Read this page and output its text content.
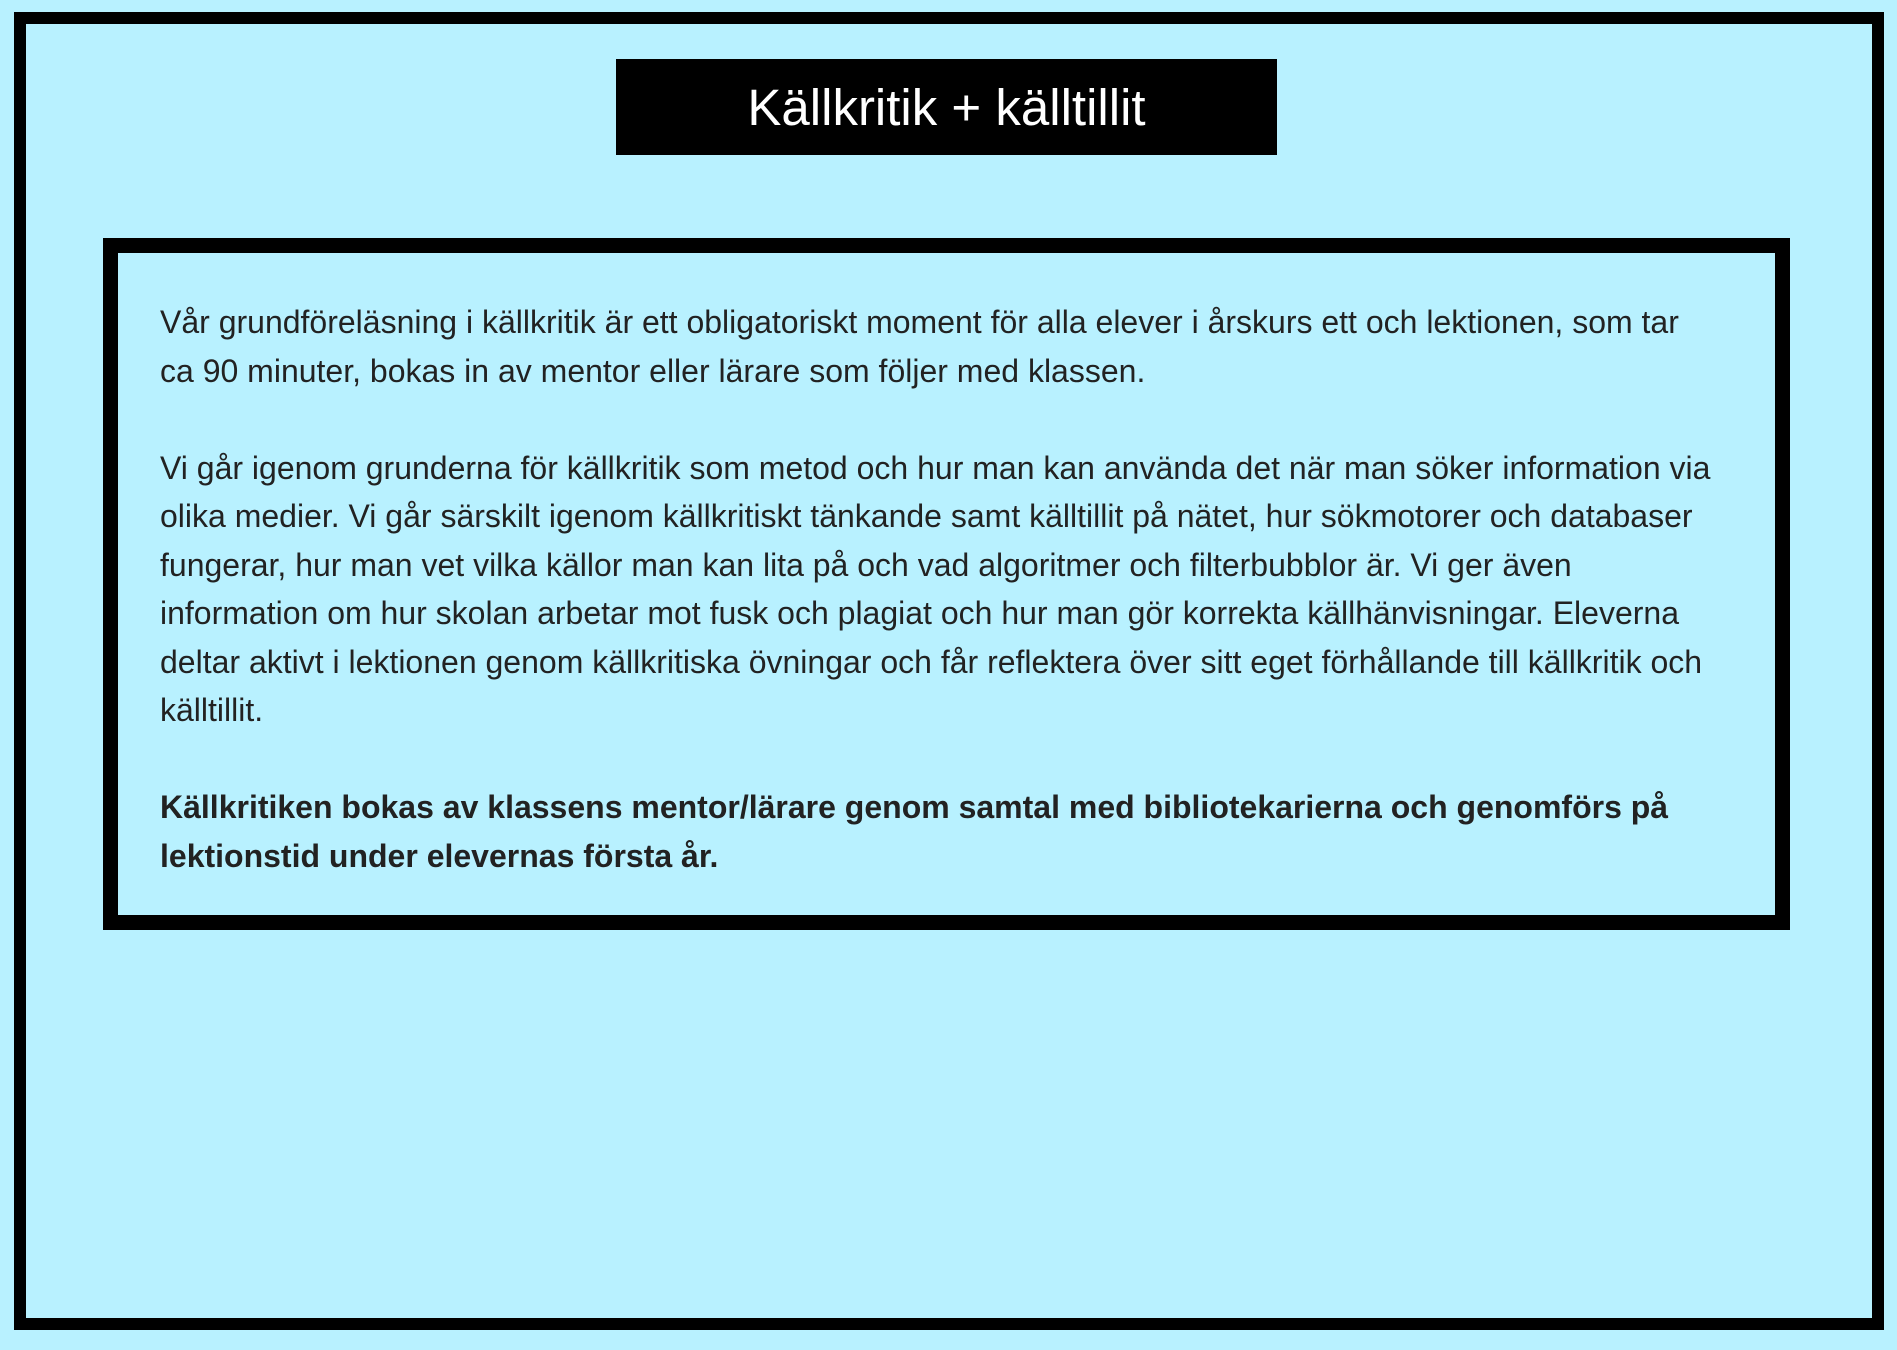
Källkritik + källtillit

Vår grundföreläsning i källkritik är ett obligatoriskt moment för alla elever i årskurs ett och lektionen, som tar ca 90 minuter, bokas in av mentor eller lärare som följer med klassen.

Vi går igenom grunderna för källkritik som metod och hur man kan använda det när man söker information via olika medier. Vi går särskilt igenom källkritiskt tänkande samt källtillit på nätet, hur sökmotorer och databaser fungerar, hur man vet vilka källor man kan lita på och vad algoritmer och filterbubblor är. Vi ger även information om hur skolan arbetar mot fusk och plagiat och hur man gör korrekta källhänvisningar. Eleverna deltar aktivt i lektionen genom källkritiska övningar och får reflektera över sitt eget förhållande till källkritik och källtillit.

Källkritiken bokas av klassens mentor/lärare genom samtal med bibliotekarierna och genomförs på lektionstid under elevernas första år.
